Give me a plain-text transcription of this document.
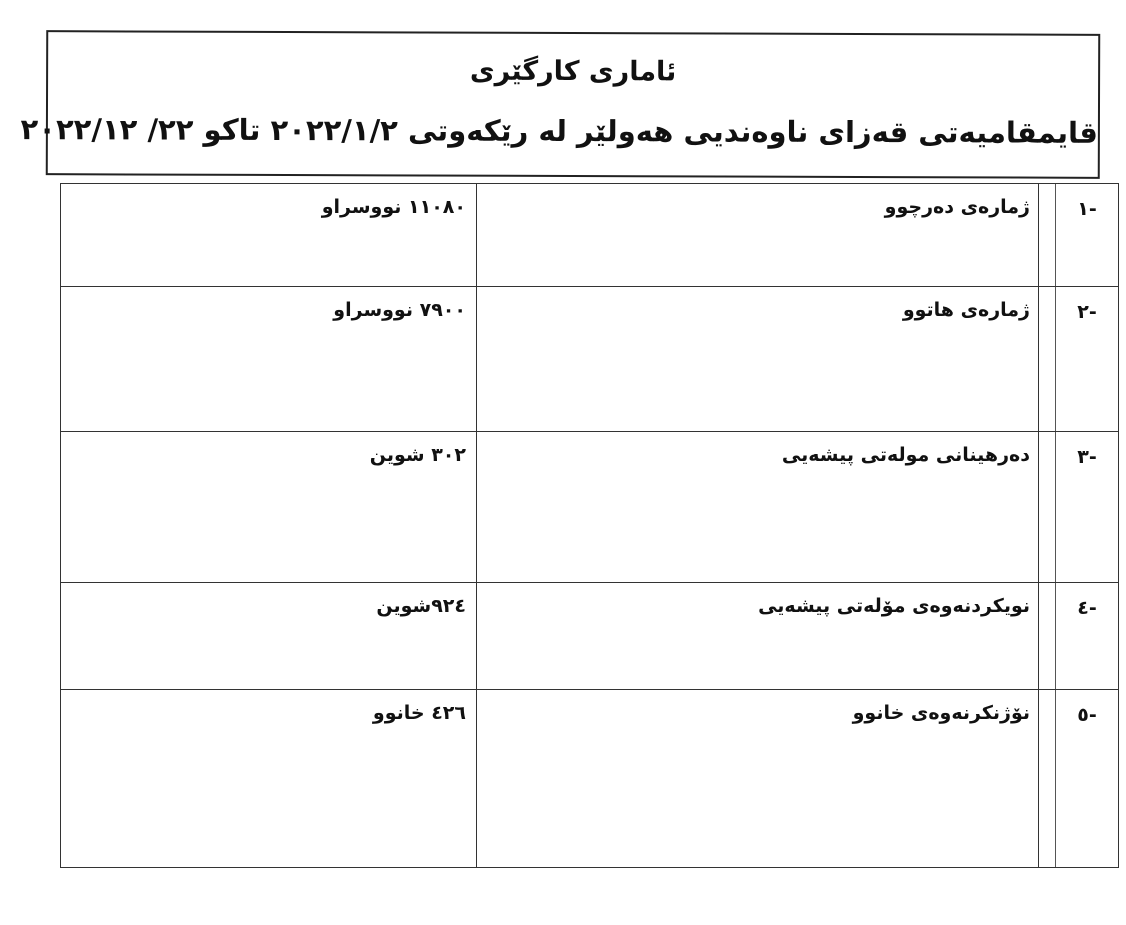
ئاماری کارگێری
قایمقامیەتی قەزای ناوەندیی هەولێر لە رێکەوتی ٢٠٢٢/١/٢ تاکو ٢٢/ ٢٠٢٢/١٢
-١	ژمارەی دەرچوو	١١٠٨٠ نووسراو

-٢	ژمارەی هاتوو	٧٩٠٠ نووسراو

-٣	دەرهینانی مولەتی پیشەیی	٣٠٢ شوین

-٤	نویکردنەوەی مۆلەتی پیشەیی	٩٢٤شوین

-٥	نۆژنکرنەوەی خانوو	٤٢٦ خانوو
